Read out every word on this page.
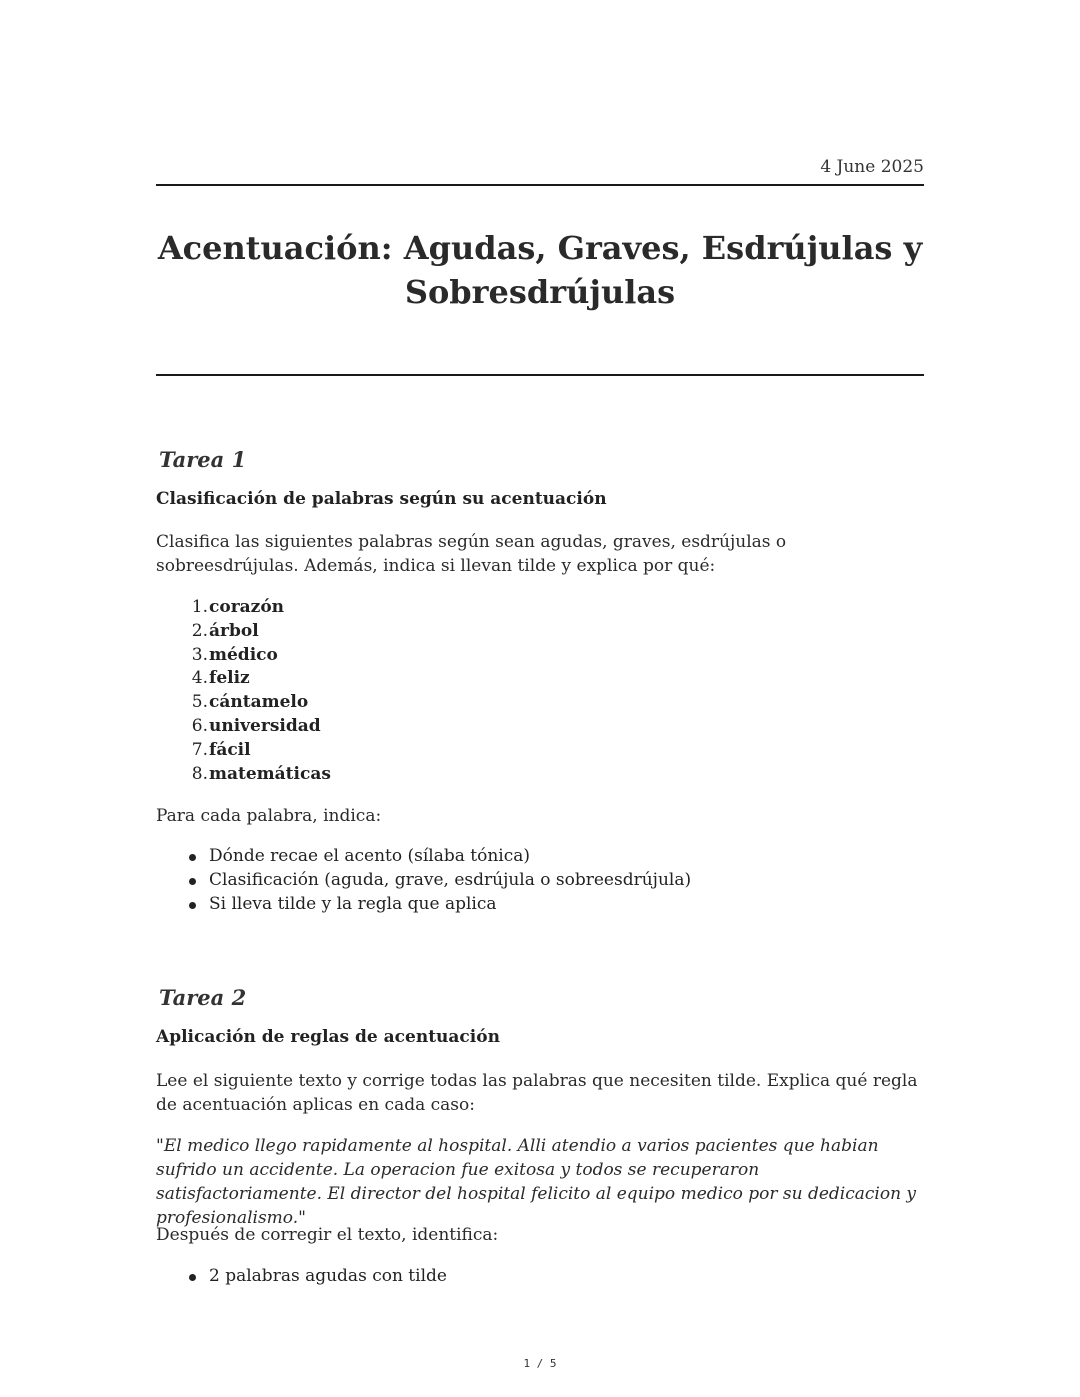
4 June 2025
Acentuación: Agudas, Graves, Esdrújulas y Sobresdrújulas
Tarea 1
Clasificación de palabras según su acentuación

Clasifica las siguientes palabras según sean agudas, graves, esdrújulas o sobreesdrújulas. Además, indica si llevan tilde y explica por qué:

1. corazón
2. árbol
3. médico
4. feliz
5. cántamelo
6. universidad
7. fácil
8. matemáticas

Para cada palabra, indica:

Dónde recae el acento (sílaba tónica)
Clasificación (aguda, grave, esdrújula o sobreesdrújula)
Si lleva tilde y la regla que aplica
Tarea 2
Aplicación de reglas de acentuación

Lee el siguiente texto y corrige todas las palabras que necesiten tilde. Explica qué regla de acentuación aplicas en cada caso:

"El medico llego rapidamente al hospital. Alli atendio a varios pacientes que habian sufrido un accidente. La operacion fue exitosa y todos se recuperaron satisfactoriamente. El director del hospital felicito al equipo medico por su dedicacion y profesionalismo."

Después de corregir el texto, identifica:

2 palabras agudas con tilde
1 / 5
